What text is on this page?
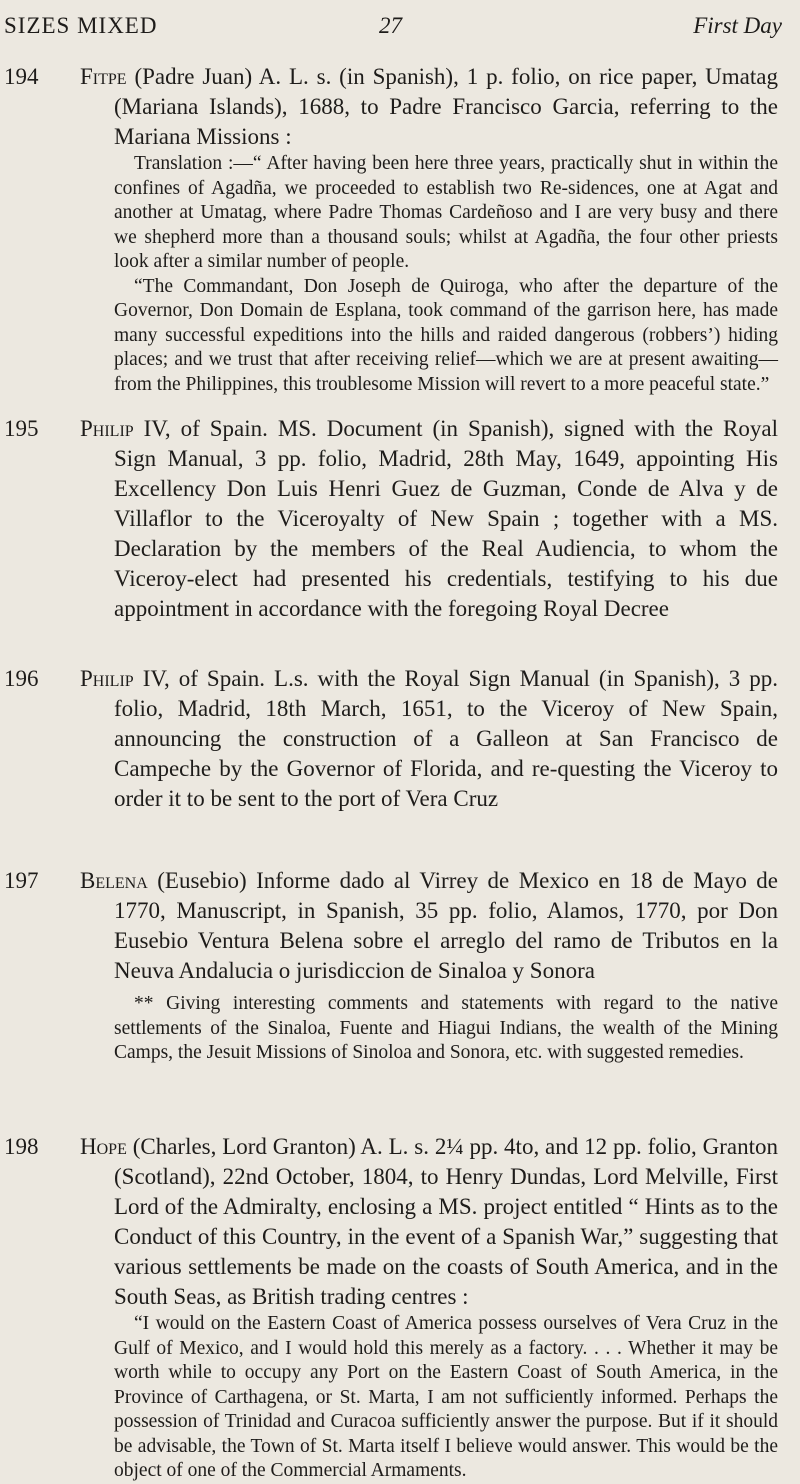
SIZES MIXED	27	First Day
194 Fitpe (Padre Juan) A. L. s. (in Spanish), 1 p. folio, on rice paper, Umatag (Mariana Islands), 1688, to Padre Francisco Garcia, referring to the Mariana Missions :

Translation :—“ After having been here three years, practically shut in within the confines of Agadña, we proceeded to establish two Re-sidences, one at Agat and another at Umatag, where Padre Thomas Cardeñoso and I are very busy and there we shepherd more than a thousand souls; whilst at Agadña, the four other priests look after a similar number of people.

“The Commandant, Don Joseph de Quiroga, who after the departure of the Governor, Don Domain de Esplana, took command of the garrison here, has made many successful expeditions into the hills and raided dangerous (robbers’) hiding places; and we trust that after receiving relief—which we are at present awaiting—from the Philippines, this troublesome Mission will revert to a more peaceful state.”

195 Philip IV, of Spain. MS. Document (in Spanish), signed with the Royal Sign Manual, 3 pp. folio, Madrid, 28th May, 1649, appointing His Excellency Don Luis Henri Guez de Guzman, Conde de Alva y de Villaflor to the Viceroyalty of New Spain ; together with a MS. Declaration by the members of the Real Audiencia, to whom the Viceroy-elect had presented his credentials, testifying to his due appointment in accordance with the foregoing Royal Decree

196 Philip IV, of Spain. L.s. with the Royal Sign Manual (in Spanish), 3 pp. folio, Madrid, 18th March, 1651, to the Viceroy of New Spain, announcing the construction of a Galleon at San Francisco de Campeche by the Governor of Florida, and re-questing the Viceroy to order it to be sent to the port of Vera Cruz

197 Belena (Eusebio) Informe dado al Virrey de Mexico en 18 de Mayo de 1770, Manuscript, in Spanish, 35 pp. folio, Alamos, 1770, por Don Eusebio Ventura Belena sobre el arreglo del ramo de Tributos en la Neuva Andalucia o jurisdiccion de Sinaloa y Sonora

*⁣* Giving interesting comments and statements with regard to the native settlements of the Sinaloa, Fuente and Hiagui Indians, the wealth of the Mining Camps, the Jesuit Missions of Sinoloa and Sonora, etc. with suggested remedies.

198 Hope (Charles, Lord Granton) A. L. s. 2¼ pp. 4to, and 12 pp. folio, Granton (Scotland), 22nd October, 1804, to Henry Dundas, Lord Melville, First Lord of the Admiralty, enclosing a MS. project entitled “ Hints as to the Conduct of this Country, in the event of a Spanish War,” suggesting that various settlements be made on the coasts of South America, and in the South Seas, as British trading centres :

“I would on the Eastern Coast of America possess ourselves of Vera Cruz in the Gulf of Mexico, and I would hold this merely as a factory. . . . Whether it may be worth while to occupy any Port on the Eastern Coast of South America, in the Province of Carthagena, or St. Marta, I am not sufficiently informed. Perhaps the possession of Trinidad and Curacoa sufficiently answer the purpose. But if it should be advisable, the Town of St. Marta itself I believe would answer. This would be the object of one of the Commercial Armaments.
